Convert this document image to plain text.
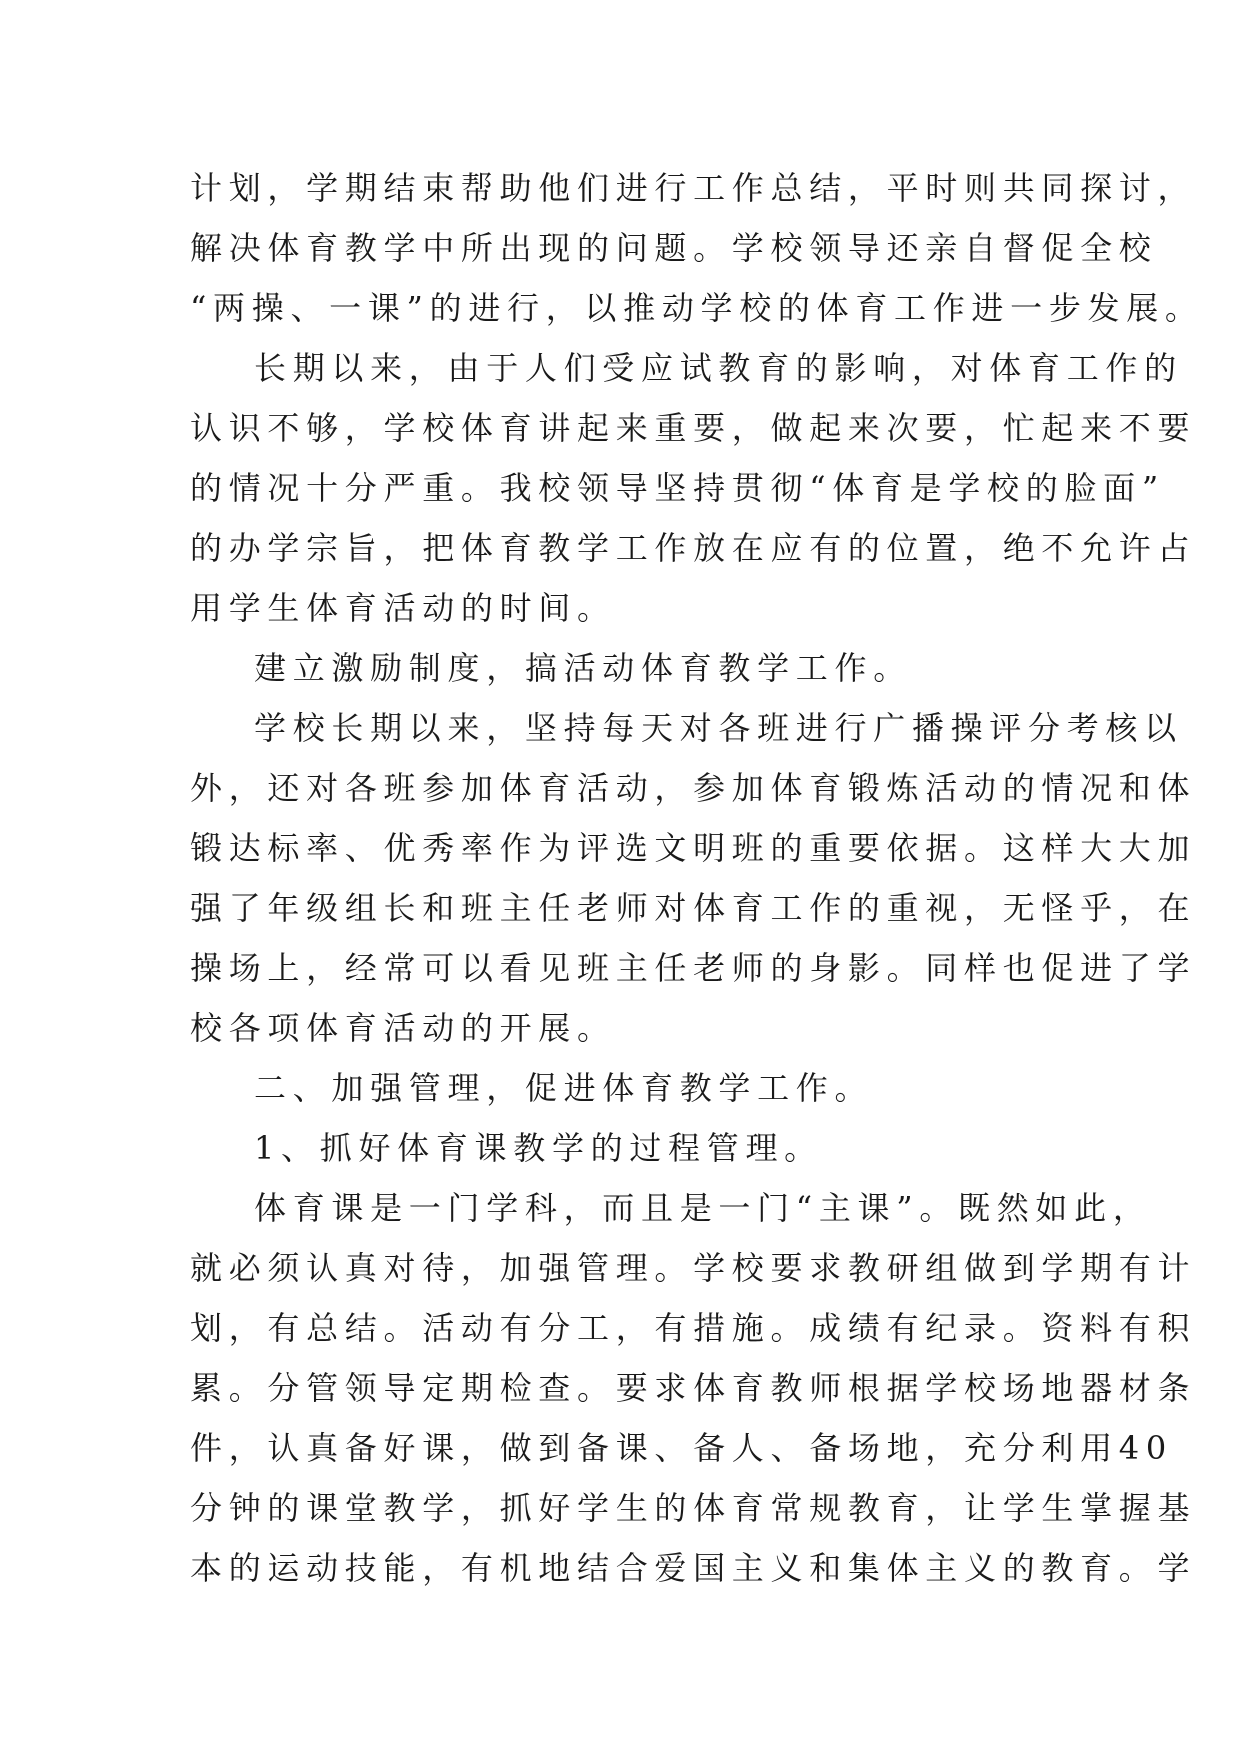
计划，学期结束帮助他们进行工作总结，平时则共同探讨，
解决体育教学中所出现的问题。学校领导还亲自督促全校
“两操、一课”的进行，以推动学校的体育工作进一步发展。
长期以来，由于人们受应试教育的影响，对体育工作的
认识不够，学校体育讲起来重要，做起来次要，忙起来不要
的情况十分严重。我校领导坚持贯彻“体育是学校的脸面”
的办学宗旨，把体育教学工作放在应有的位置，绝不允许占
用学生体育活动的时间。
建立激励制度，搞活动体育教学工作。
学校长期以来，坚持每天对各班进行广播操评分考核以
外，还对各班参加体育活动，参加体育锻炼活动的情况和体
锻达标率、优秀率作为评选文明班的重要依据。这样大大加
强了年级组长和班主任老师对体育工作的重视，无怪乎，在
操场上，经常可以看见班主任老师的身影。同样也促进了学
校各项体育活动的开展。
二、加强管理，促进体育教学工作。
1、抓好体育课教学的过程管理。
体育课是一门学科，而且是一门“主课”。既然如此，
就必须认真对待，加强管理。学校要求教研组做到学期有计
划，有总结。活动有分工，有措施。成绩有纪录。资料有积
累。分管领导定期检查。要求体育教师根据学校场地器材条
件，认真备好课，做到备课、备人、备场地，充分利用40
分钟的课堂教学，抓好学生的体育常规教育，让学生掌握基
本的运动技能，有机地结合爱国主义和集体主义的教育。学
